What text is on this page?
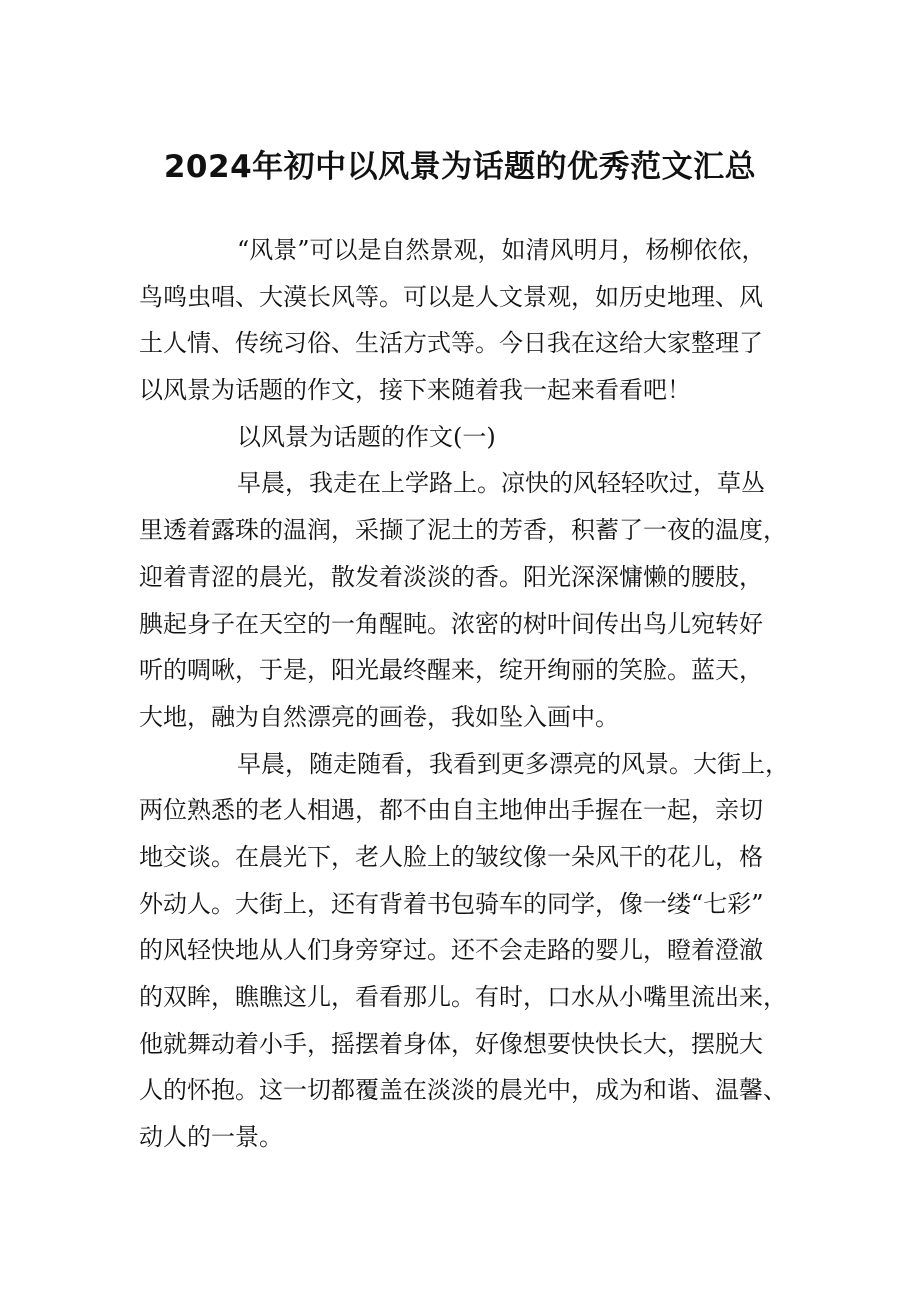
2024年初中以风景为话题的优秀范文汇总
“风景”可以是自然景观，如清风明月，杨柳依依，
鸟鸣虫唱、大漠长风等。可以是人文景观，如历史地理、风
土人情、传统习俗、生活方式等。今日我在这给大家整理了
以风景为话题的作文，接下来随着我一起来看看吧！
以风景为话题的作文(一)
早晨，我走在上学路上。凉快的风轻轻吹过，草丛
里透着露珠的温润，采撷了泥土的芳香，积蓄了一夜的温度，
迎着青涩的晨光，散发着淡淡的香。阳光深深慵懒的腰肢，
腆起身子在天空的一角醒盹。浓密的树叶间传出鸟儿宛转好
听的啁啾，于是，阳光最终醒来，绽开绚丽的笑脸。蓝天，
大地，融为自然漂亮的画卷，我如坠入画中。
早晨，随走随看，我看到更多漂亮的风景。大街上，
两位熟悉的老人相遇，都不由自主地伸出手握在一起，亲切
地交谈。在晨光下，老人脸上的皱纹像一朵风干的花儿，格
外动人。大街上，还有背着书包骑车的同学，像一缕“七彩”
的风轻快地从人们身旁穿过。还不会走路的婴儿，瞪着澄澈
的双眸，瞧瞧这儿，看看那儿。有时，口水从小嘴里流出来，
他就舞动着小手，摇摆着身体，好像想要快快长大，摆脱大
人的怀抱。这一切都覆盖在淡淡的晨光中，成为和谐、温馨、
动人的一景。
